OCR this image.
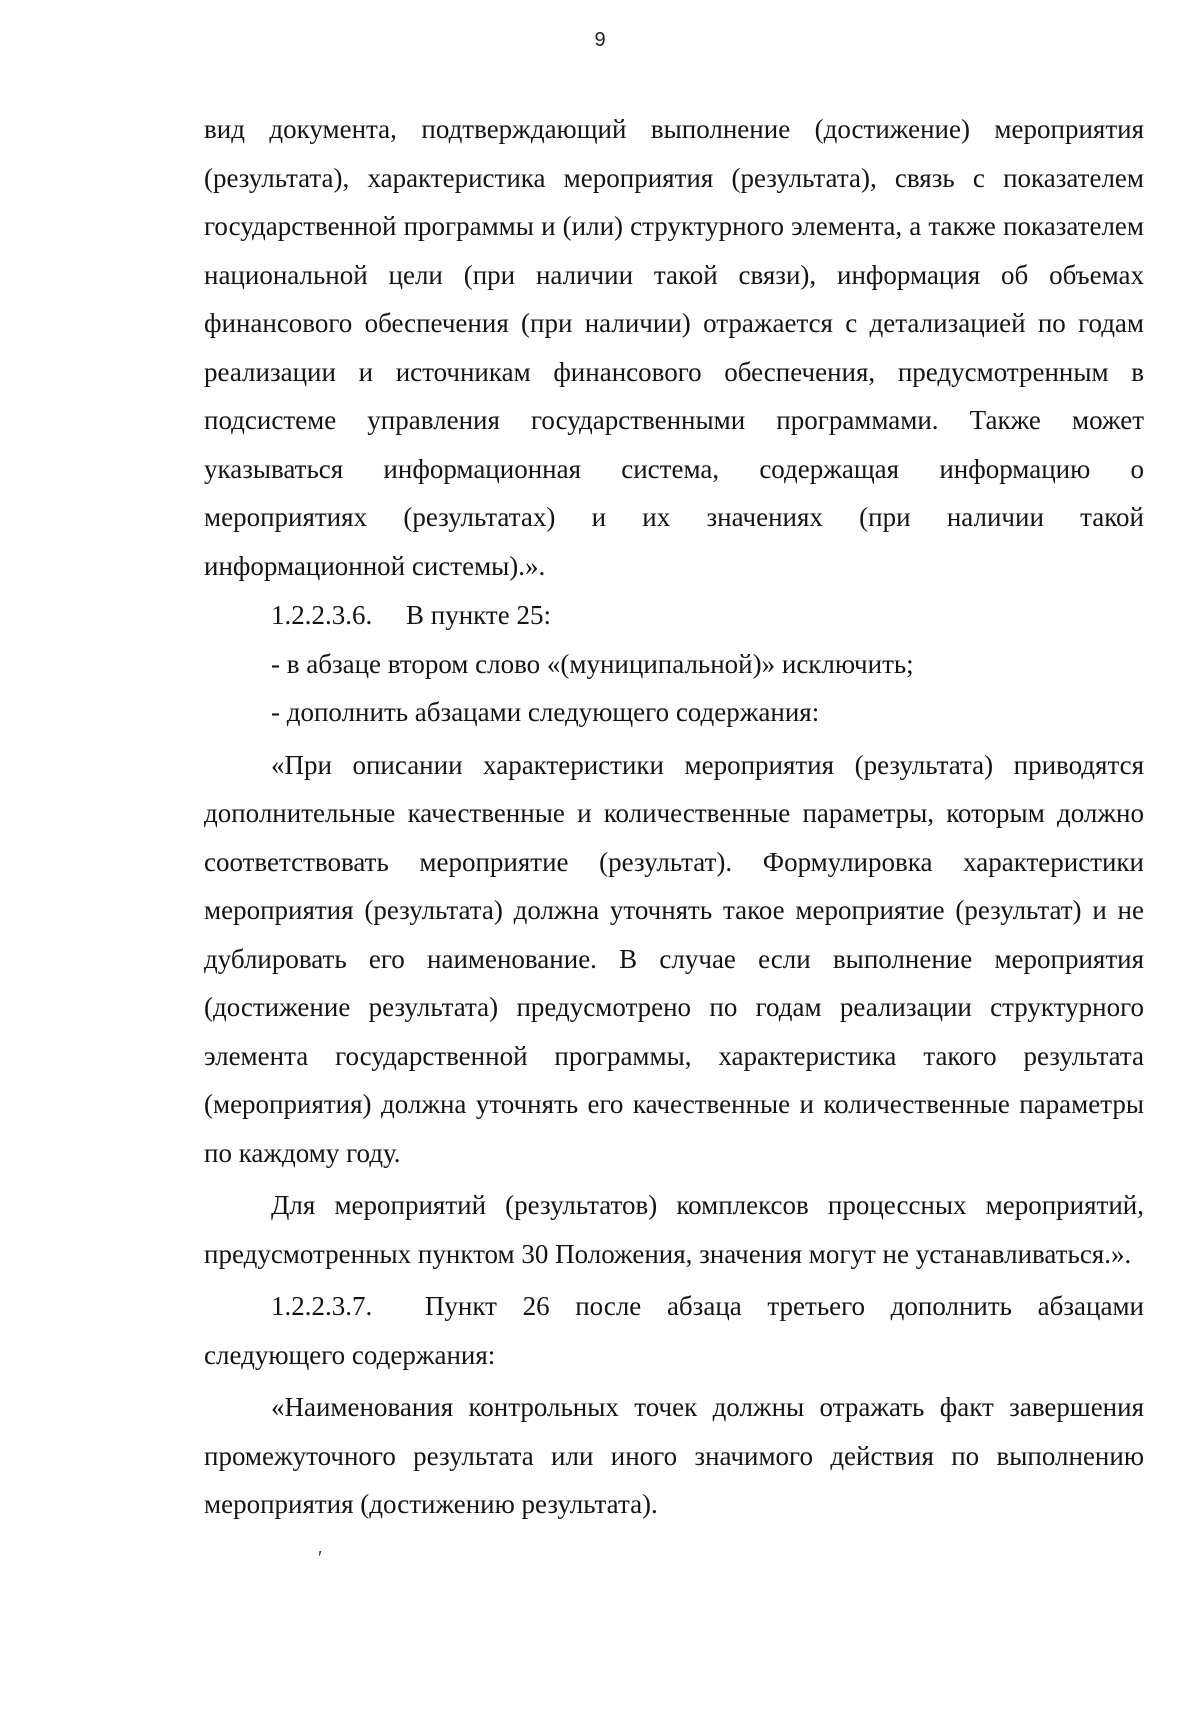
9

вид документа, подтверждающий выполнение (достижение) мероприятия (результата), характеристика мероприятия (результата), связь с показателем государственной программы и (или) структурного элемента, а также показателем национальной цели (при наличии такой связи), информация об объемах финансового обеспечения (при наличии) отражается с детализацией по годам реализации и источникам финансового обеспечения, предусмотренным в подсистеме управления государственными программами. Также может указываться информационная система, содержащая информацию о мероприятиях (результатах) и их значениях (при наличии такой информационной системы).».

1.2.2.3.6.  В пункте 25:

- в абзаце втором слово «(муниципальной)» исключить;

- дополнить абзацами следующего содержания:

«При описании характеристики мероприятия (результата) приводятся дополнительные качественные и количественные параметры, которым должно соответствовать мероприятие (результат). Формулировка характеристики мероприятия (результата) должна уточнять такое мероприятие (результат) и не дублировать его наименование. В случае если выполнение мероприятия (достижение результата) предусмотрено по годам реализации структурного элемента государственной программы, характеристика такого результата (мероприятия) должна уточнять его качественные и количественные параметры по каждому году.

Для мероприятий (результатов) комплексов процессных мероприятий, предусмотренных пунктом 30 Положения, значения могут не устанавливаться.».

1.2.2.3.7.  Пункт 26 после абзаца третьего дополнить абзацами следующего содержания:

«Наименования контрольных точек должны отражать факт завершения промежуточного результата или иного значимого действия по выполнению мероприятия (достижению результата).

′
